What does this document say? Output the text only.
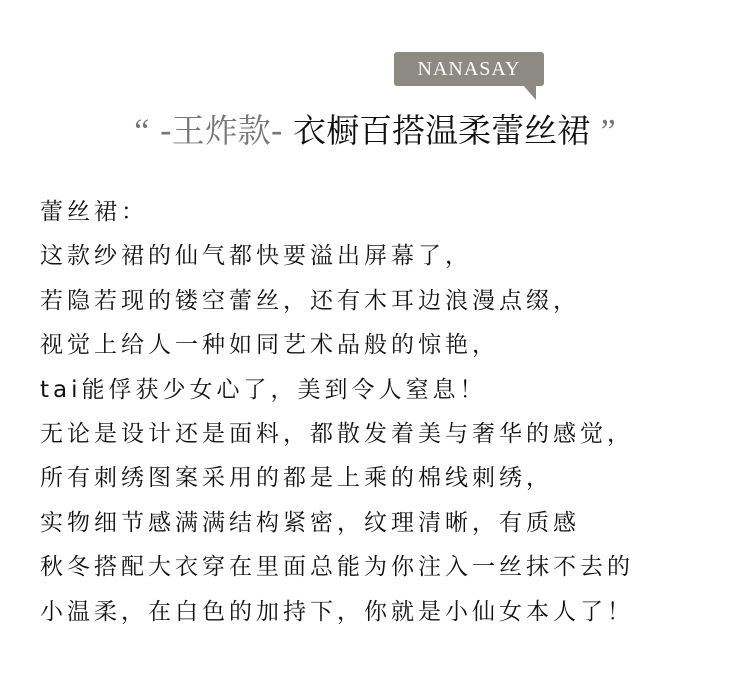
NANASAY
“ -王炸款- 衣橱百搭温柔蕾丝裙 ”
蕾丝裙：
这款纱裙的仙气都快要溢出屏幕了，
若隐若现的镂空蕾丝，还有木耳边浪漫点缀，
视觉上给人一种如同艺术品般的惊艳，
tai能俘获少女心了，美到令人窒息！
无论是设计还是面料，都散发着美与奢华的感觉，
所有刺绣图案采用的都是上乘的棉线刺绣，
实物细节感满满结构紧密，纹理清晰，有质感
秋冬搭配大衣穿在里面总能为你注入一丝抹不去的
小温柔，在白色的加持下，你就是小仙女本人了！
